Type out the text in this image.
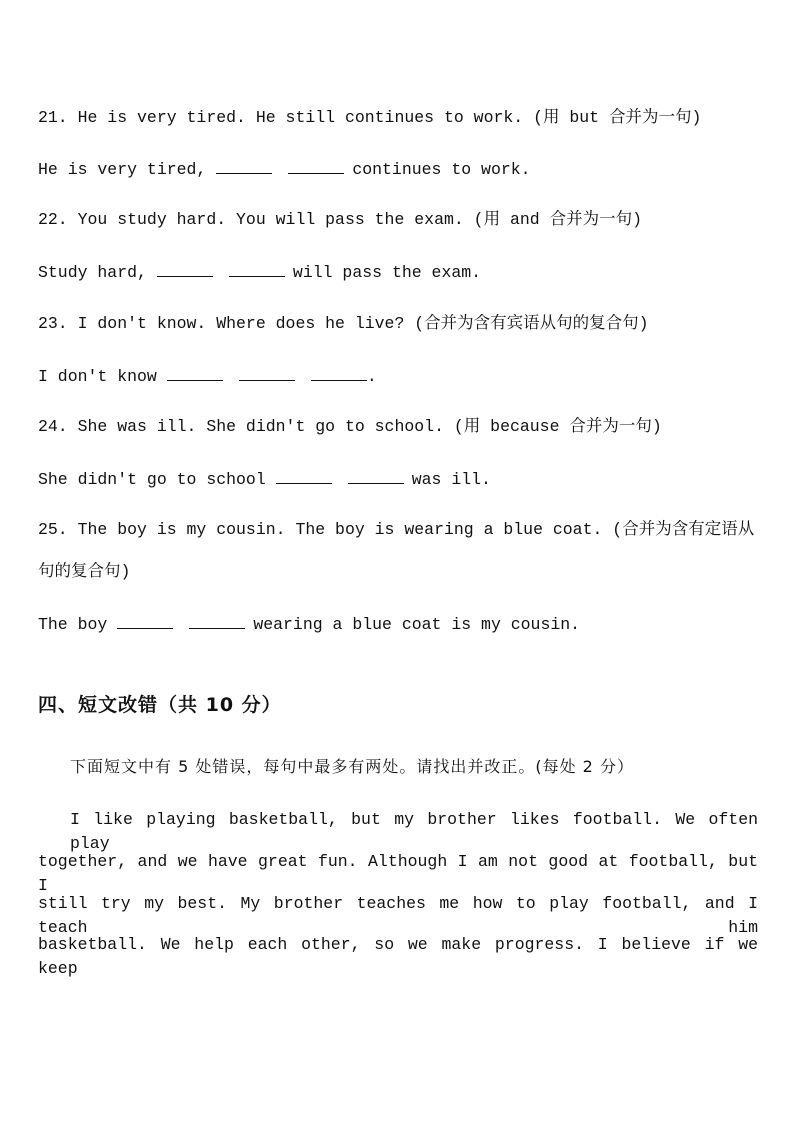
21. He is very tired. He still continues to work. (用 but 合并为一句)
He is very tired,	continues to work.
22. You study hard. You will pass the exam. (用 and 合并为一句)
Study hard,	will pass the exam.
23. I don't know. Where does he live? (合并为含有宾语从句的复合句)
I don't know	.
24. She was ill. She didn't go to school. (用 because 合并为一句)
She didn't go to school	was ill.
25. The boy is my cousin. The boy is wearing a blue coat. (合并为含有定语从
句的复合句)
The boy	wearing a blue coat is my cousin.
四、短文改错（共 10 分）
下面短文中有 5 处错误，每句中最多有两处。请找出并改正。(每处 2 分）
I like playing basketball, but my brother likes football. We often play
together, and we have great fun. Although I am not good at football, but I
still try my best. My brother teaches me how to play football, and I teach him
basketball. We help each other, so we make progress. I believe if we keep
